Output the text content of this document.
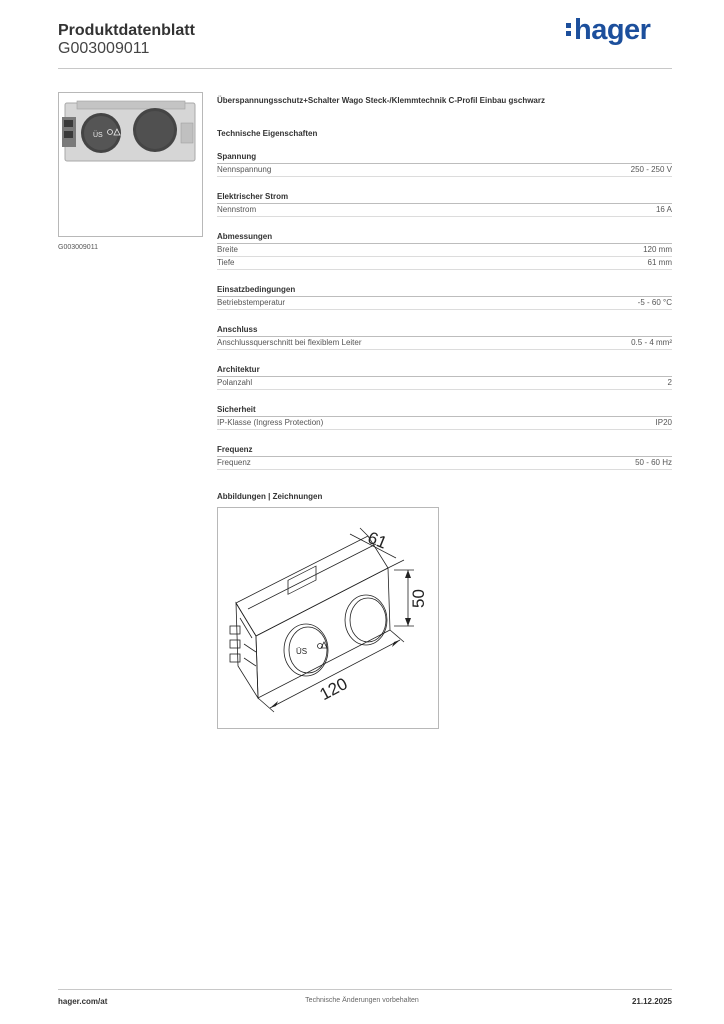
Produktdatenblatt
G003009011
hager
ÜS
G003009011
Überspannungsschutz+Schalter Wago Steck-/Klemmtechnik C-Profil Einbau gschwarz
Technische Eigenschaften
Spannung
Nennspannung	250 - 250 V
Elektrischer Strom
Nennstrom	16 A
Abmessungen
Breite	120 mm
Tiefe	61 mm
Einsatzbedingungen
Betriebstemperatur	-5 - 60 °C
Anschluss
Anschlussquerschnitt bei flexiblem Leiter	0.5 - 4 mm²
Architektur
Polanzahl	2
Sicherheit
IP-Klasse (Ingress Protection)	IP20
Frequenz
Frequenz	50 - 60 Hz
Abbildungen | Zeichnungen
61
50
120
ÜS
hager.com/at	Technische Änderungen vorbehalten	21.12.2025
